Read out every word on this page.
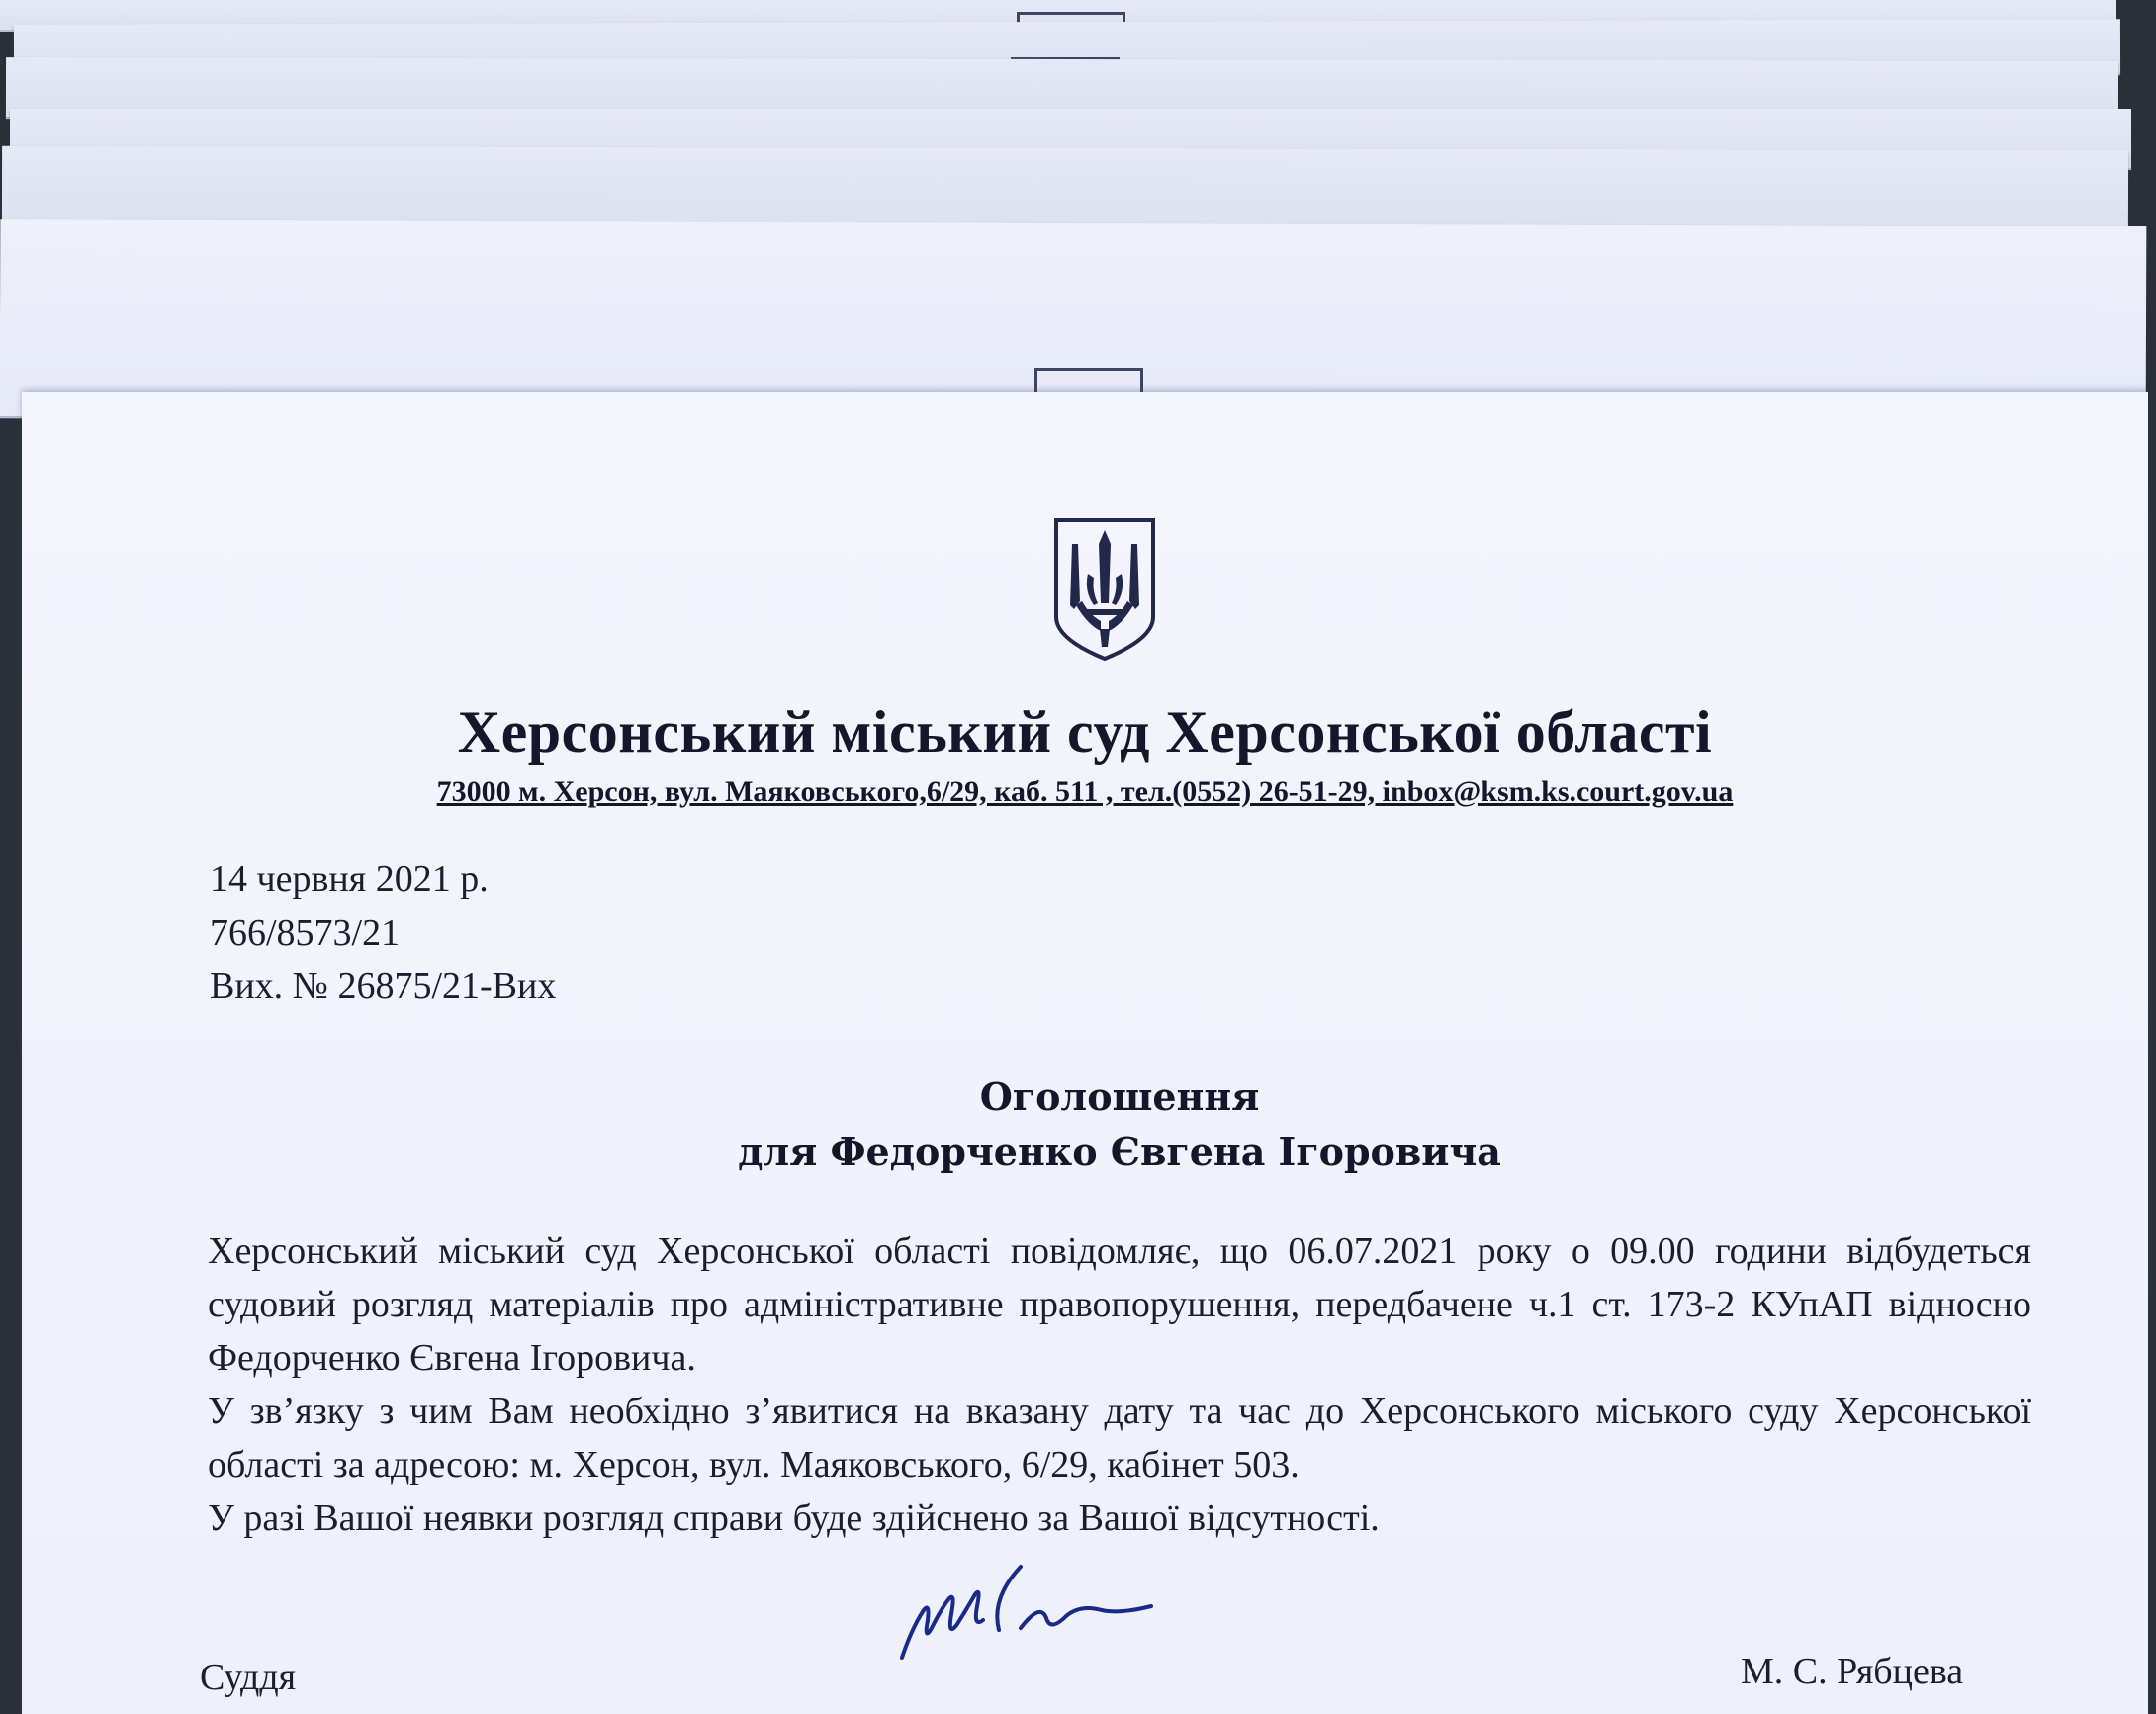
Херсонський міський суд Херсонської області
73000 м. Херсон, вул. Маяковського,6/29, каб. 511 , тел.(0552) 26-51-29, inbox@ksm.ks.court.gov.ua
14 червня 2021 р.
766/8573/21
Вих. № 26875/21-Вих
Оголошення
для Федорченко Євгена Ігоровича

Херсонський міський суд Херсонської області повідомляє, що 06.07.2021 року о 09.00 години відбудеться судовий розгляд матеріалів про адміністративне правопорушення, передбачене ч.1 ст. 173-2 КУпАП відносно Федорченко Євгена Ігоровича.

У зв’язку з чим Вам необхідно з’явитися на вказану дату та час до Херсонського міського суду Херсонської області за адресою: м. Херсон, вул. Маяковського, 6/29, кабінет 503.

У разі Вашої неявки розгляд справи буде здійснено за Вашої відсутності.

Суддя	М. С. Рябцева
